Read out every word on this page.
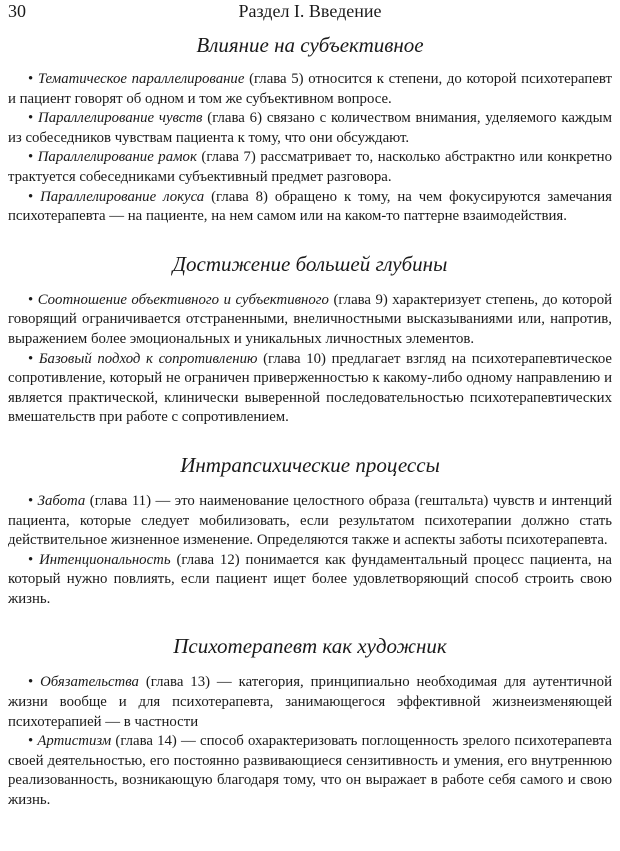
30	Раздел I. Введение
Влияние на субъективное

• Тематическое параллелирование (глава 5) относится к степени, до которой психотерапевт и пациент говорят об одном и том же субъективном вопросе.

• Параллелирование чувств (глава 6) связано с количеством внимания, уделяемого каждым из собеседников чувствам пациента к тому, что они обсуждают.

• Параллелирование рамок (глава 7) рассматривает то, насколько абстрактно или конкретно трактуется собеседниками субъективный предмет разговора.

• Параллелирование локуса (глава 8) обращено к тому, на чем фокусируются замечания психотерапевта — на пациенте, на нем самом или на каком-то паттерне взаимодействия.

Достижение большей глубины

• Соотношение объективного и субъективного (глава 9) характеризует степень, до которой говорящий ограничивается отстраненными, внеличностными высказываниями или, напротив, выражением более эмоциональных и уникальных личностных элементов.

• Базовый подход к сопротивлению (глава 10) предлагает взгляд на психотерапевтическое сопротивление, который не ограничен приверженностью к какому-либо одному направлению и является практической, клинически выверенной последовательностью психотерапевтических вмешательств при работе с сопротивлением.

Интрапсихические процессы

• Забота (глава 11) — это наименование целостного образа (гештальта) чувств и интенций пациента, которые следует мобилизовать, если результатом психотерапии должно стать действительное жизненное изменение. Определяются также и аспекты заботы психотерапевта.

• Интенциональность (глава 12) понимается как фундаментальный процесс пациента, на который нужно повлиять, если пациент ищет более удовлетворяющий способ строить свою жизнь.

Психотерапевт как художник

• Обязательства (глава 13) — категория, принципиально необходимая для аутентичной жизни вообще и для психотерапевта, занимающегося эффективной жизнеизменяющей психотерапией — в частности

• Артистизм (глава 14) — способ охарактеризовать поглощенность зрелого психотерапевта своей деятельностью, его постоянно развивающиеся сензитивность и умения, его внутреннюю реализованность, возникающую благодаря тому, что он выражает в работе себя самого и свою жизнь.
